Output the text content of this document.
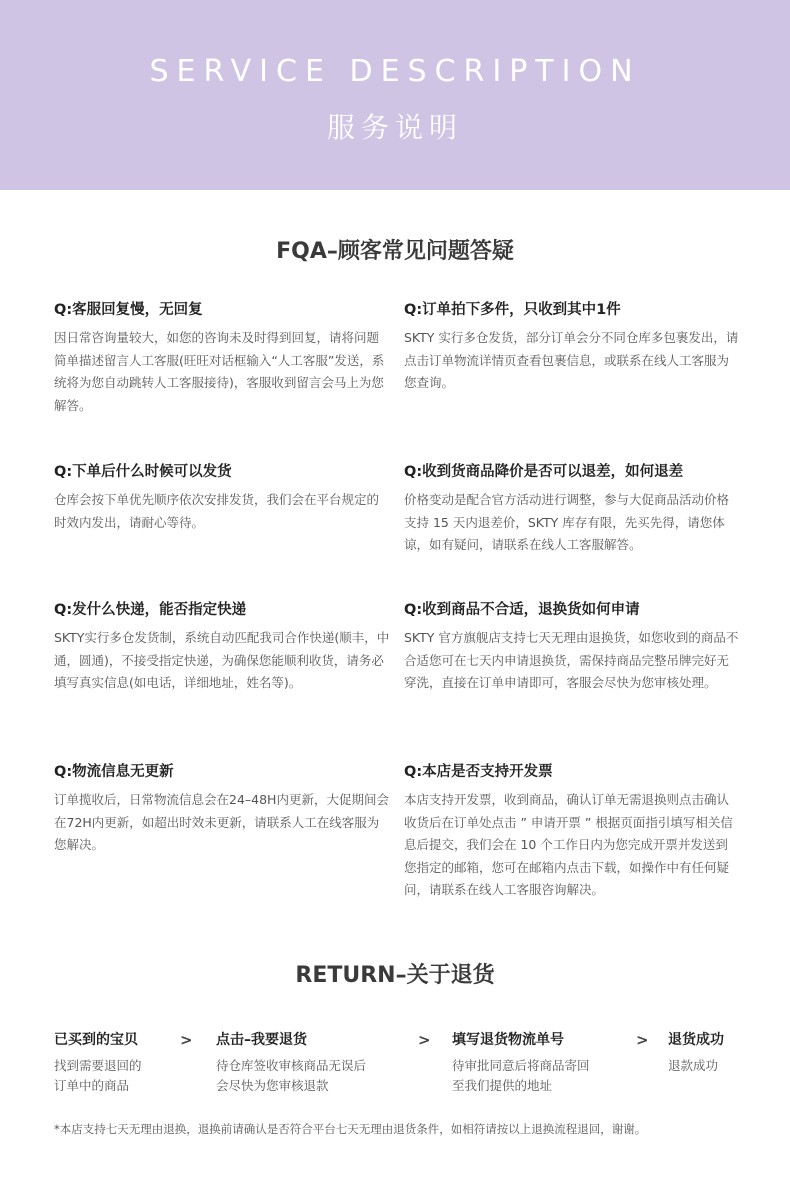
SERVICE DESCRIPTION
服务说明
FQA–顾客常见问题答疑

Q:客服回复慢，无回复

因日常咨询量较大，如您的咨询未及时得到回复，请将问题简单描述留言人工客服(旺旺对话框输入“人工客服”发送，系统将为您自动跳转人工客服接待)，客服收到留言会马上为您解答。

Q:订单拍下多件，只收到其中1件

SKTY 实行多仓发货，部分订单会分不同仓库多包裹发出，请点击订单物流详情页查看包裹信息，或联系在线人工客服为您查询。

Q:下单后什么时候可以发货

仓库会按下单优先顺序依次安排发货，我们会在平台规定的时效内发出，请耐心等待。

Q:收到货商品降价是否可以退差，如何退差

价格变动是配合官方活动进行调整，参与大促商品活动价格支持 15 天内退差价，SKTY 库存有限，先买先得，请您体谅，如有疑问，请联系在线人工客服解答。

Q:发什么快递，能否指定快递

SKTY实行多仓发货制，系统自动匹配我司合作快递(顺丰，中通，圆通)，不接受指定快递，为确保您能顺利收货，请务必填写真实信息(如电话，详细地址，姓名等)。

Q:收到商品不合适，退换货如何申请

SKTY 官方旗舰店支持七天无理由退换货，如您收到的商品不合适您可在七天内申请退换货，需保持商品完整吊牌完好无穿洗，直接在订单申请即可，客服会尽快为您审核处理。

Q:物流信息无更新

订单揽收后，日常物流信息会在24–48H内更新，大促期间会在72H内更新，如超出时效未更新，请联系人工在线客服为您解决。

Q:本店是否支持开发票

本店支持开发票，收到商品，确认订单无需退换则点击确认收货后在订单处点击 ” 申请开票 ” 根据页面指引填写相关信息后提交，我们会在 10 个工作日内为您完成开票并发送到您指定的邮箱，您可在邮箱内点击下载，如操作中有任何疑问，请联系在线人工客服咨询解决。

RETURN–关于退货
已买到的宝贝
找到需要退回的
订单中的商品
> 点击–我要退货
待仓库签收审核商品无误后
会尽快为您审核退款
> 填写退货物流单号
待审批同意后将商品寄回
至我们提供的地址
> 退货成功
退款成功
*本店支持七天无理由退换，退换前请确认是否符合平台七天无理由退货条件，如相符请按以上退换流程退回，谢谢。
